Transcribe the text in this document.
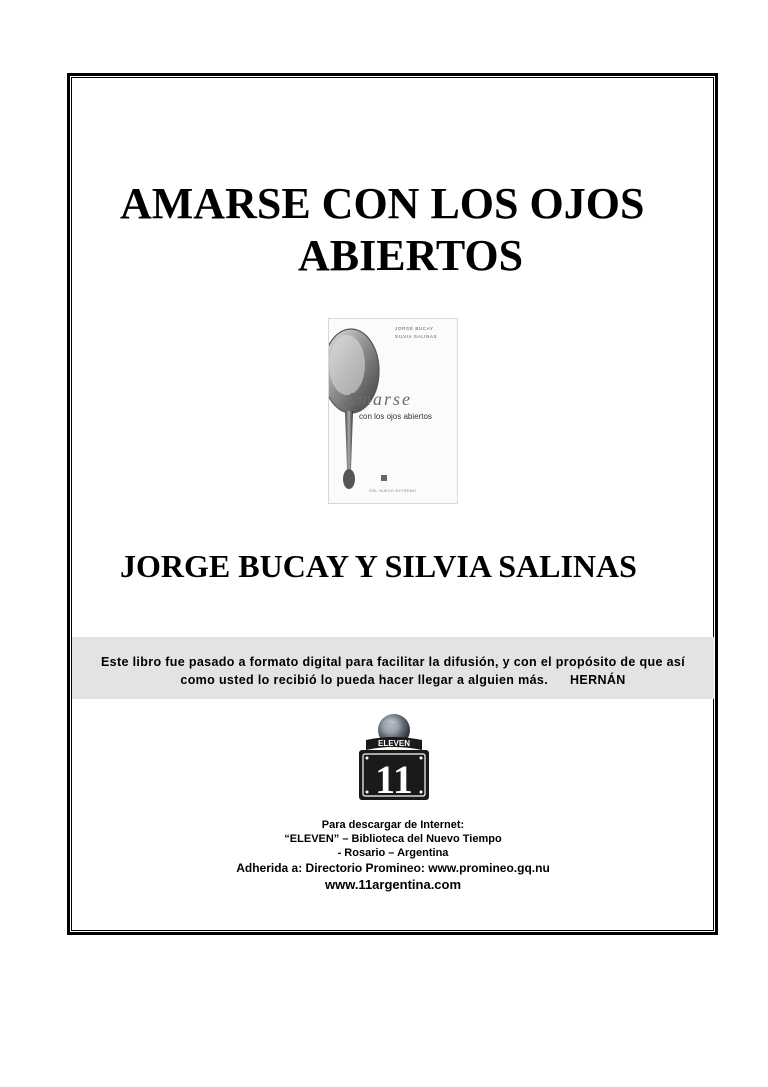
AMARSE CON LOS OJOS
ABIERTOS
JORGE BUCAY
SILVIA SALINAS
Amarse
con los ojos abiertos
DEL NUEVO EXTREMO
JORGE BUCAY Y SILVIA SALINAS

Este libro fue pasado a formato digital para facilitar la difusión, y con el propósito de que así

como usted lo recibió lo pueda hacer llegar a alguien más. HERNÁN

ELEVEN
11
Para descargar de Internet:
“ELEVEN” – Biblioteca del Nuevo Tiempo
- Rosario – Argentina
Adherida a: Directorio Promineo: www.promineo.gq.nu
www.11argentina.com
